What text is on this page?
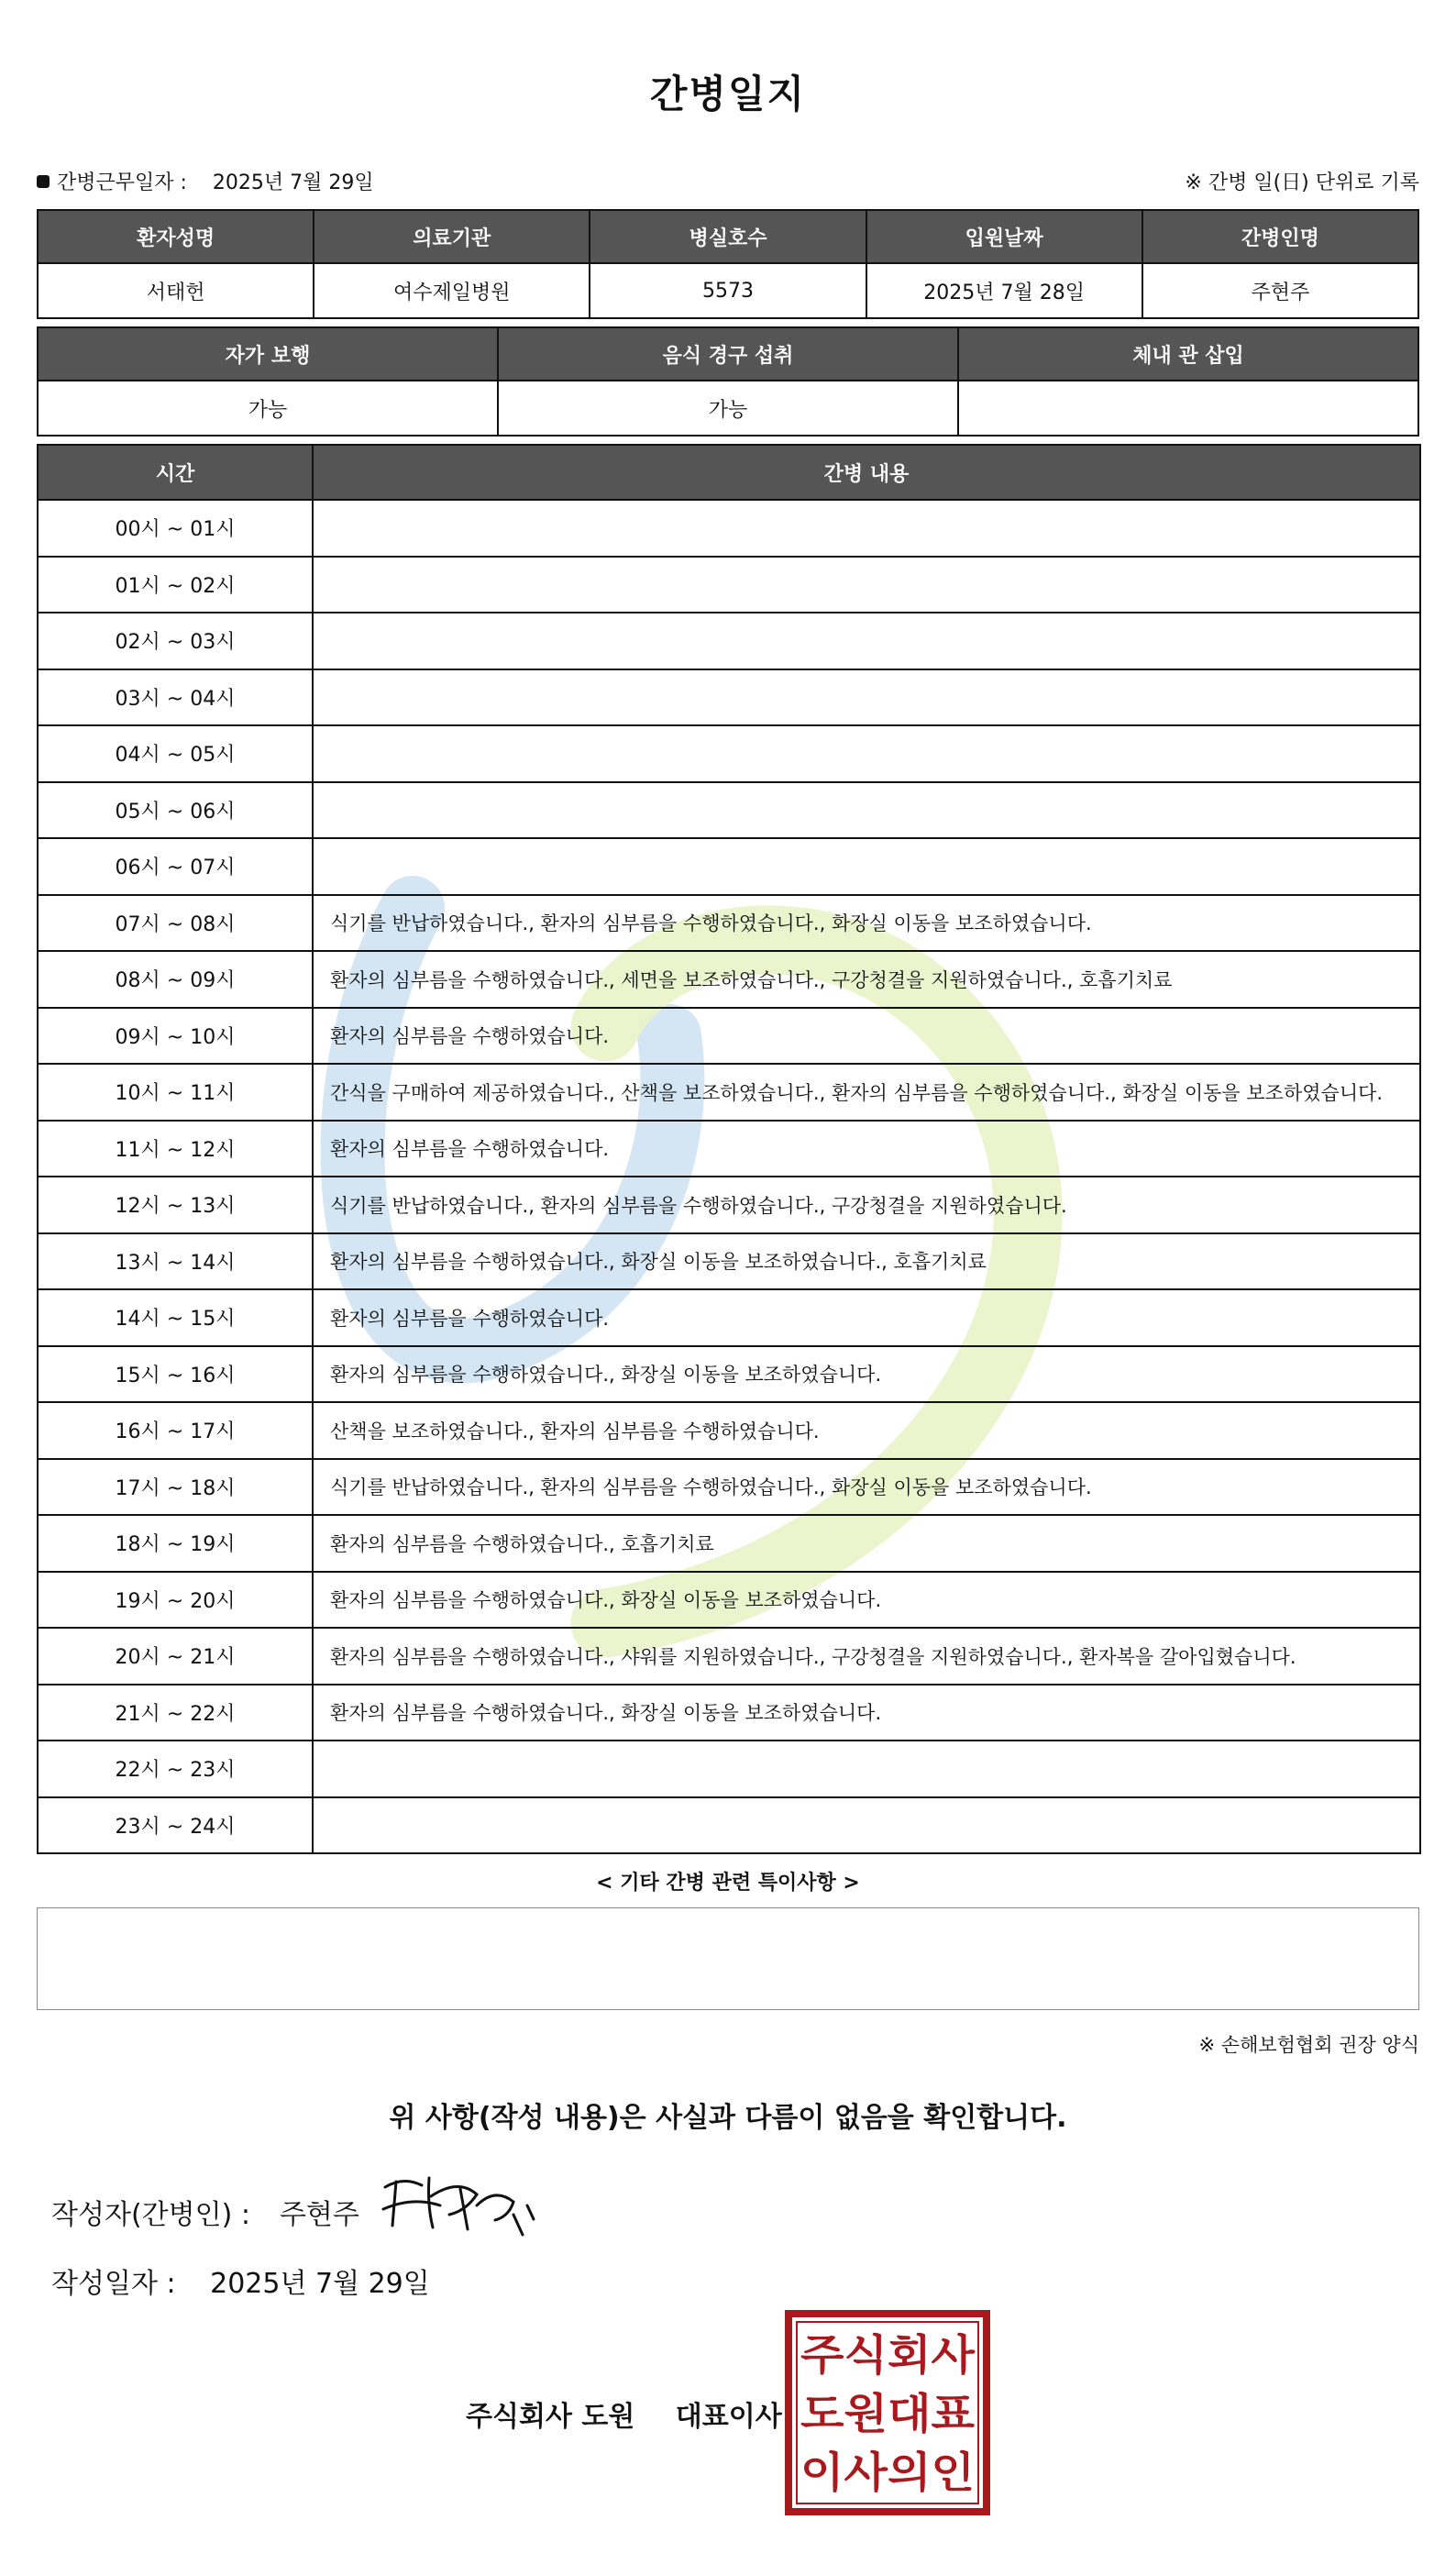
간병일지
간병근무일자 : 2025년 7월 29일	※ 간병 일(日) 단위로 기록
환자성명	의료기관	병실호수	입원날짜	간병인명
서태헌	여수제일병원	5573	2025년 7월 28일	주현주
자가 보행	음식 경구 섭취	체내 관 삽입
가능	가능	
시간	간병 내용
00시 ~ 01시	
01시 ~ 02시	
02시 ~ 03시	
03시 ~ 04시	
04시 ~ 05시	
05시 ~ 06시	
06시 ~ 07시	
07시 ~ 08시	식기를 반납하였습니다., 환자의 심부름을 수행하였습니다., 화장실 이동을 보조하였습니다.
08시 ~ 09시	환자의 심부름을 수행하였습니다., 세면을 보조하였습니다., 구강청결을 지원하였습니다., 호흡기치료
09시 ~ 10시	환자의 심부름을 수행하였습니다.
10시 ~ 11시	간식을 구매하여 제공하였습니다., 산책을 보조하였습니다., 환자의 심부름을 수행하였습니다., 화장실 이동을 보조하였습니다.
11시 ~ 12시	환자의 심부름을 수행하였습니다.
12시 ~ 13시	식기를 반납하였습니다., 환자의 심부름을 수행하였습니다., 구강청결을 지원하였습니다.
13시 ~ 14시	환자의 심부름을 수행하였습니다., 화장실 이동을 보조하였습니다., 호흡기치료
14시 ~ 15시	환자의 심부름을 수행하였습니다.
15시 ~ 16시	환자의 심부름을 수행하였습니다., 화장실 이동을 보조하였습니다.
16시 ~ 17시	산책을 보조하였습니다., 환자의 심부름을 수행하였습니다.
17시 ~ 18시	식기를 반납하였습니다., 환자의 심부름을 수행하였습니다., 화장실 이동을 보조하였습니다.
18시 ~ 19시	환자의 심부름을 수행하였습니다., 호흡기치료
19시 ~ 20시	환자의 심부름을 수행하였습니다., 화장실 이동을 보조하였습니다.
20시 ~ 21시	환자의 심부름을 수행하였습니다., 샤워를 지원하였습니다., 구강청결을 지원하였습니다., 환자복을 갈아입혔습니다.
21시 ~ 22시	환자의 심부름을 수행하였습니다., 화장실 이동을 보조하였습니다.
22시 ~ 23시	
23시 ~ 24시	
< 기타 간병 관련 특이사항 >
※ 손해보험협회 권장 양식
위 사항(작성 내용)은 사실과 다름이 없음을 확인합니다.
작성자(간병인) : 주현주
작성일자 : 2025년 7월 29일
주식회사 도원 대표이사
주식회사
도원대표
이사의인
